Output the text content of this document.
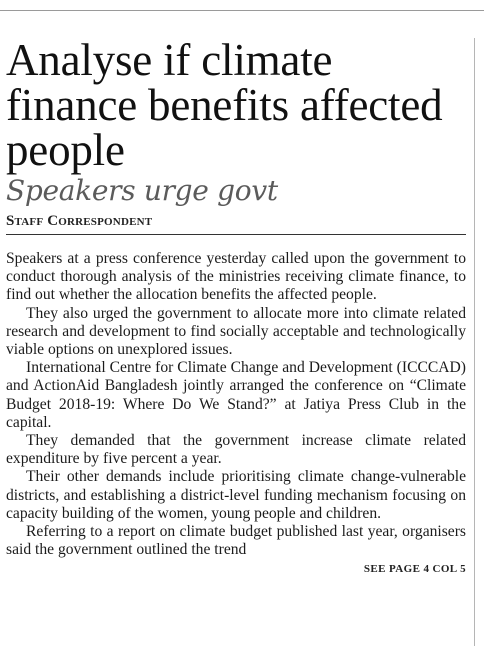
Analyse if climate finance benefits affected people
Speakers urge govt
Staff Correspondent

Speakers at a press conference yesterday called upon the government to conduct thorough analysis of the ministries receiving climate finance, to find out whether the allocation benefits the affected people.

They also urged the government to allocate more into climate related research and development to find socially acceptable and technologically viable options on unexplored issues.

International Centre for Climate Change and Development (ICCCAD) and ActionAid Bangladesh jointly arranged the conference on “Climate Budget 2018-19: Where Do We Stand?” at Jatiya Press Club in the capital.

They demanded that the government increase climate related expenditure by five percent a year.

Their other demands include prioritising climate change-vulnerable districts, and establishing a district-level funding mechanism focusing on capacity building of the women, young people and children.

Referring to a report on climate budget published last year, organisers said the government outlined the trend

SEE PAGE 4 COL 5
